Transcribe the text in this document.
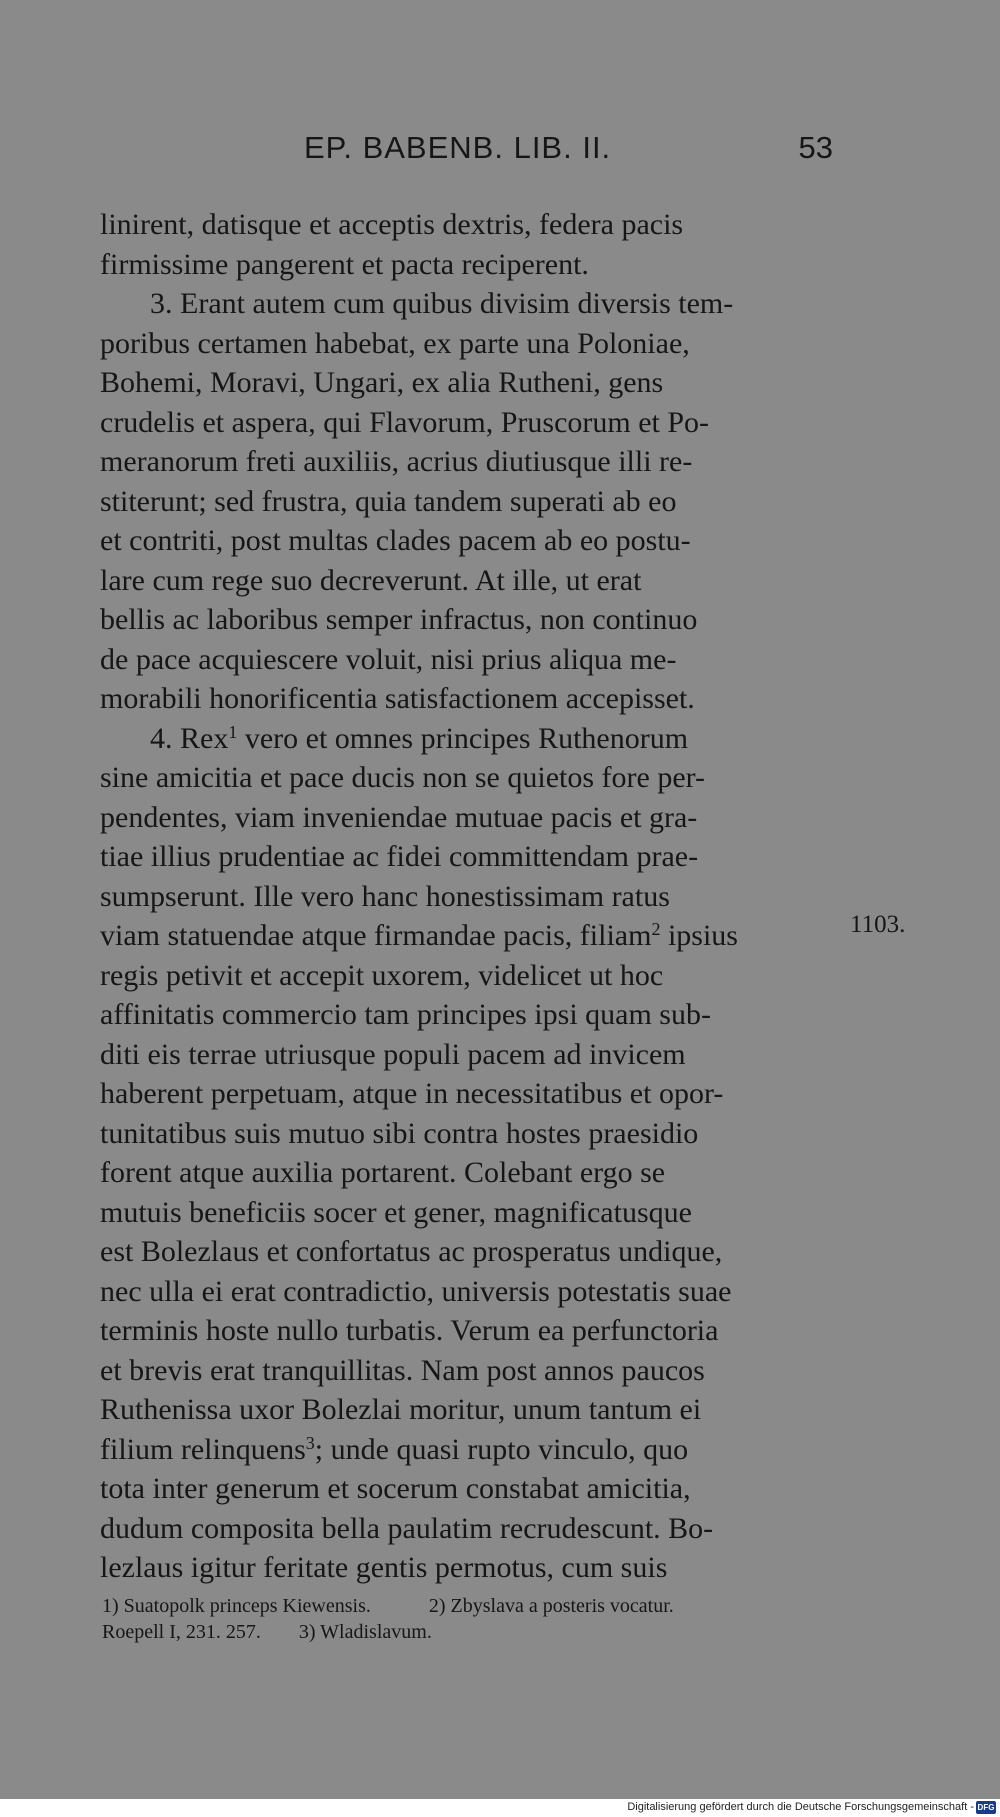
EP. BABENB. LIB. II.	53
linirent, datisque et acceptis dextris, federa pacis
firmissime pangerent et pacta reciperent.
3. Erant autem cum quibus divisim diversis tem-
poribus certamen habebat, ex parte una Poloniae,
Bohemi, Moravi, Ungari, ex alia Rutheni, gens
crudelis et aspera, qui Flavorum, Pruscorum et Po-
meranorum freti auxiliis, acrius diutiusque illi re-
stiterunt; sed frustra, quia tandem superati ab eo
et contriti, post multas clades pacem ab eo postu-
lare cum rege suo decreverunt. At ille, ut erat
bellis ac laboribus semper infractus, non continuo
de pace acquiescere voluit, nisi prius aliqua me-
morabili honorificentia satisfactionem accepisset.
4. Rex$^1$ vero et omnes principes Ruthenorum
sine amicitia et pace ducis non se quietos fore per-
pendentes, viam inveniendae mutuae pacis et gra-
tiae illius prudentiae ac fidei committendam prae-
sumpserunt. Ille vero hanc honestissimam ratus
viam statuendae atque firmandae pacis, filiam$^2$ ipsius
regis petivit et accepit uxorem, videlicet ut hoc
affinitatis commercio tam principes ipsi quam sub-
diti eis terrae utriusque populi pacem ad invicem
haberent perpetuam, atque in necessitatibus et opor-
tunitatibus suis mutuo sibi contra hostes praesidio
forent atque auxilia portarent. Colebant ergo se
mutuis beneficiis socer et gener, magnificatusque
est Bolezlaus et confortatus ac prosperatus undique,
nec ulla ei erat contradictio, universis potestatis suae
terminis hoste nullo turbatis. Verum ea perfunctoria
et brevis erat tranquillitas. Nam post annos paucos
Ruthenissa uxor Bolezlai moritur, unum tantum ei
filium relinquens$^3$; unde quasi rupto vinculo, quo
tota inter generum et socerum constabat amicitia,
dudum composita bella paulatim recrudescunt. Bo-
lezlaus igitur feritate gentis permotus, cum suis
1103.
1) Suatopolk princeps Kiewensis.	2) Zbyslava a posteris vocatur.
Roepell I, 231. 257. 3) Wladislavum.
Digitalisierung gefördert durch die Deutsche Forschungsgemeinschaft - DFG
